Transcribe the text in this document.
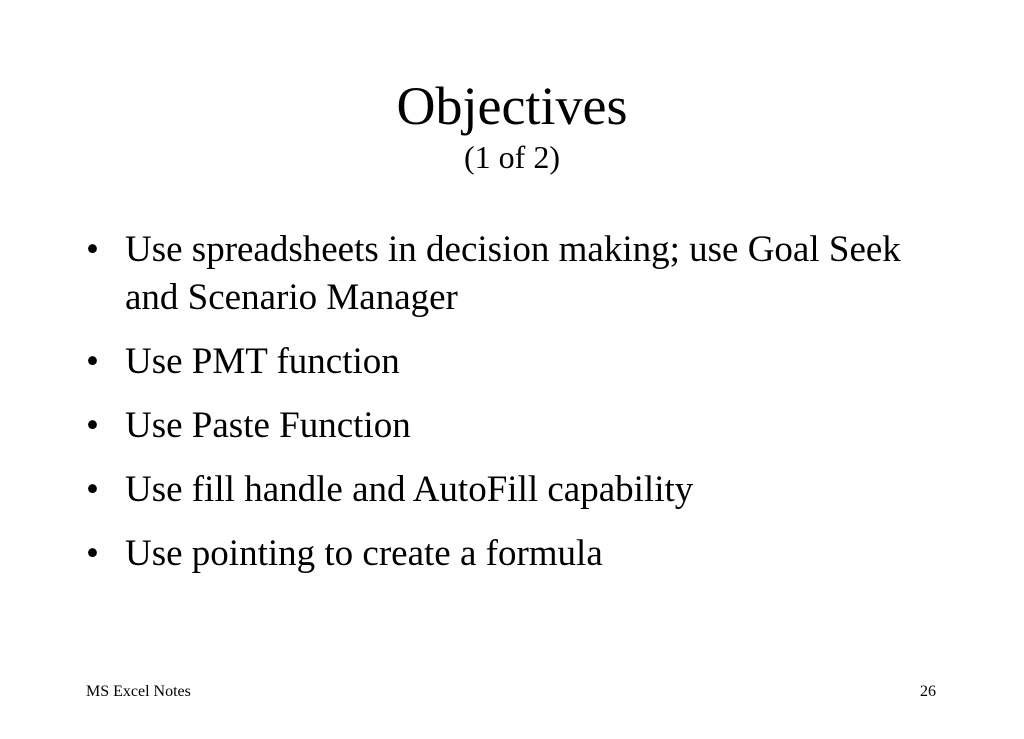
Objectives
(1 of 2)
• Use spreadsheets in decision making; use Goal Seek and Scenario Manager
• Use PMT function
• Use Paste Function
• Use fill handle and AutoFill capability
• Use pointing to create a formula
MS Excel Notes	26
